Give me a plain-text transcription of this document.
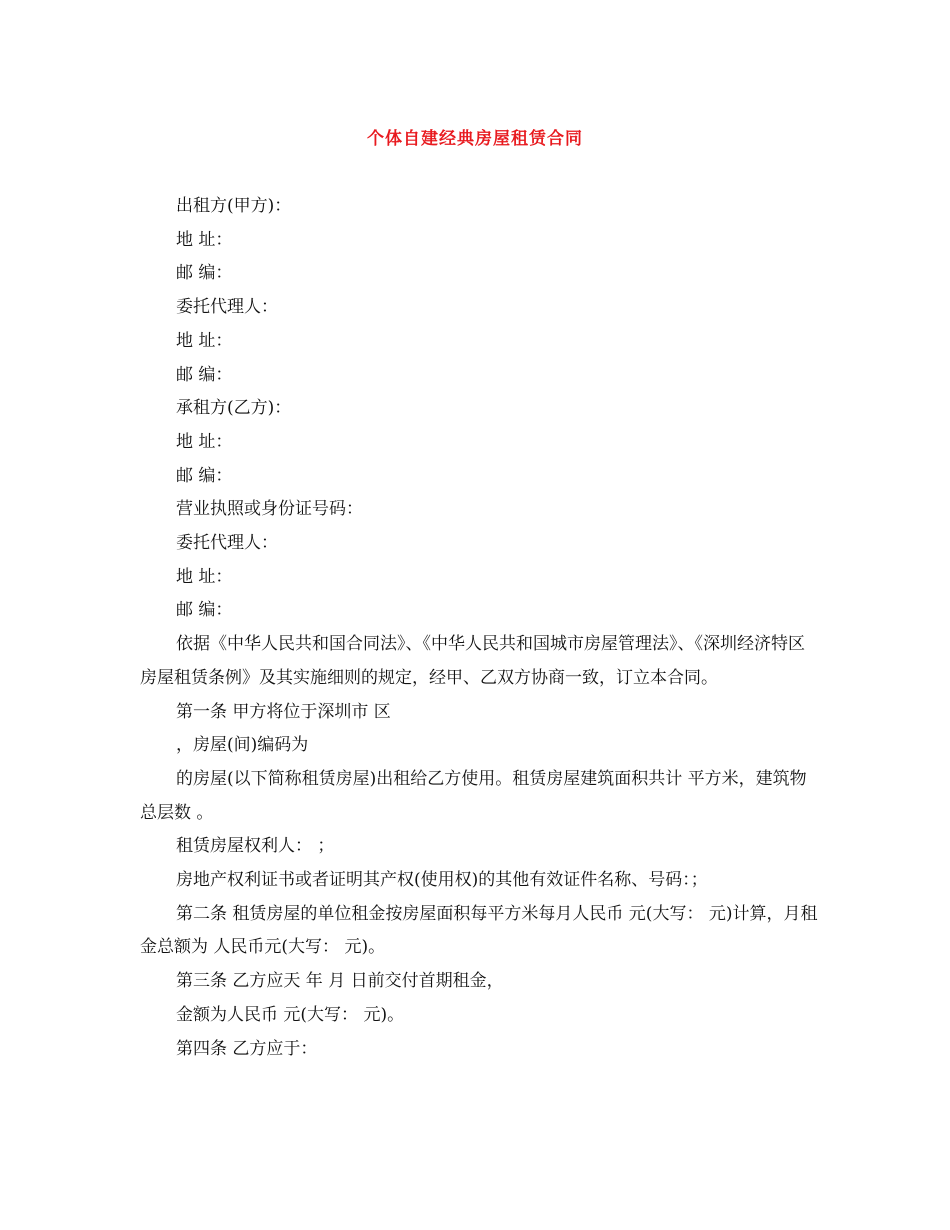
个体自建经典房屋租赁合同

出租方(甲方)：

地 址：

邮 编：

委托代理人：

地 址：

邮 编：

承租方(乙方)：

地 址：

邮 编：

营业执照或身份证号码：

委托代理人：

地 址：

邮 编：

依据《中华人民共和国合同法》、《中华人民共和国城市房屋管理法》、《深圳经济特区房屋租赁条例》及其实施细则的规定，经甲、乙双方协商一致，订立本合同。

第一条 甲方将位于深圳市 区

，房屋(间)编码为

的房屋(以下简称租赁房屋)出租给乙方使用。租赁房屋建筑面积共计 平方米，建筑物总层数 。

租赁房屋权利人： ；

房地产权利证书或者证明其产权(使用权)的其他有效证件名称、号码：；

第二条 租赁房屋的单位租金按房屋面积每平方米每月人民币 元(大写： 元)计算，月租金总额为 人民币元(大写： 元)。

第三条 乙方应天 年 月 日前交付首期租金，

金额为人民币 元(大写： 元)。

第四条 乙方应于：
